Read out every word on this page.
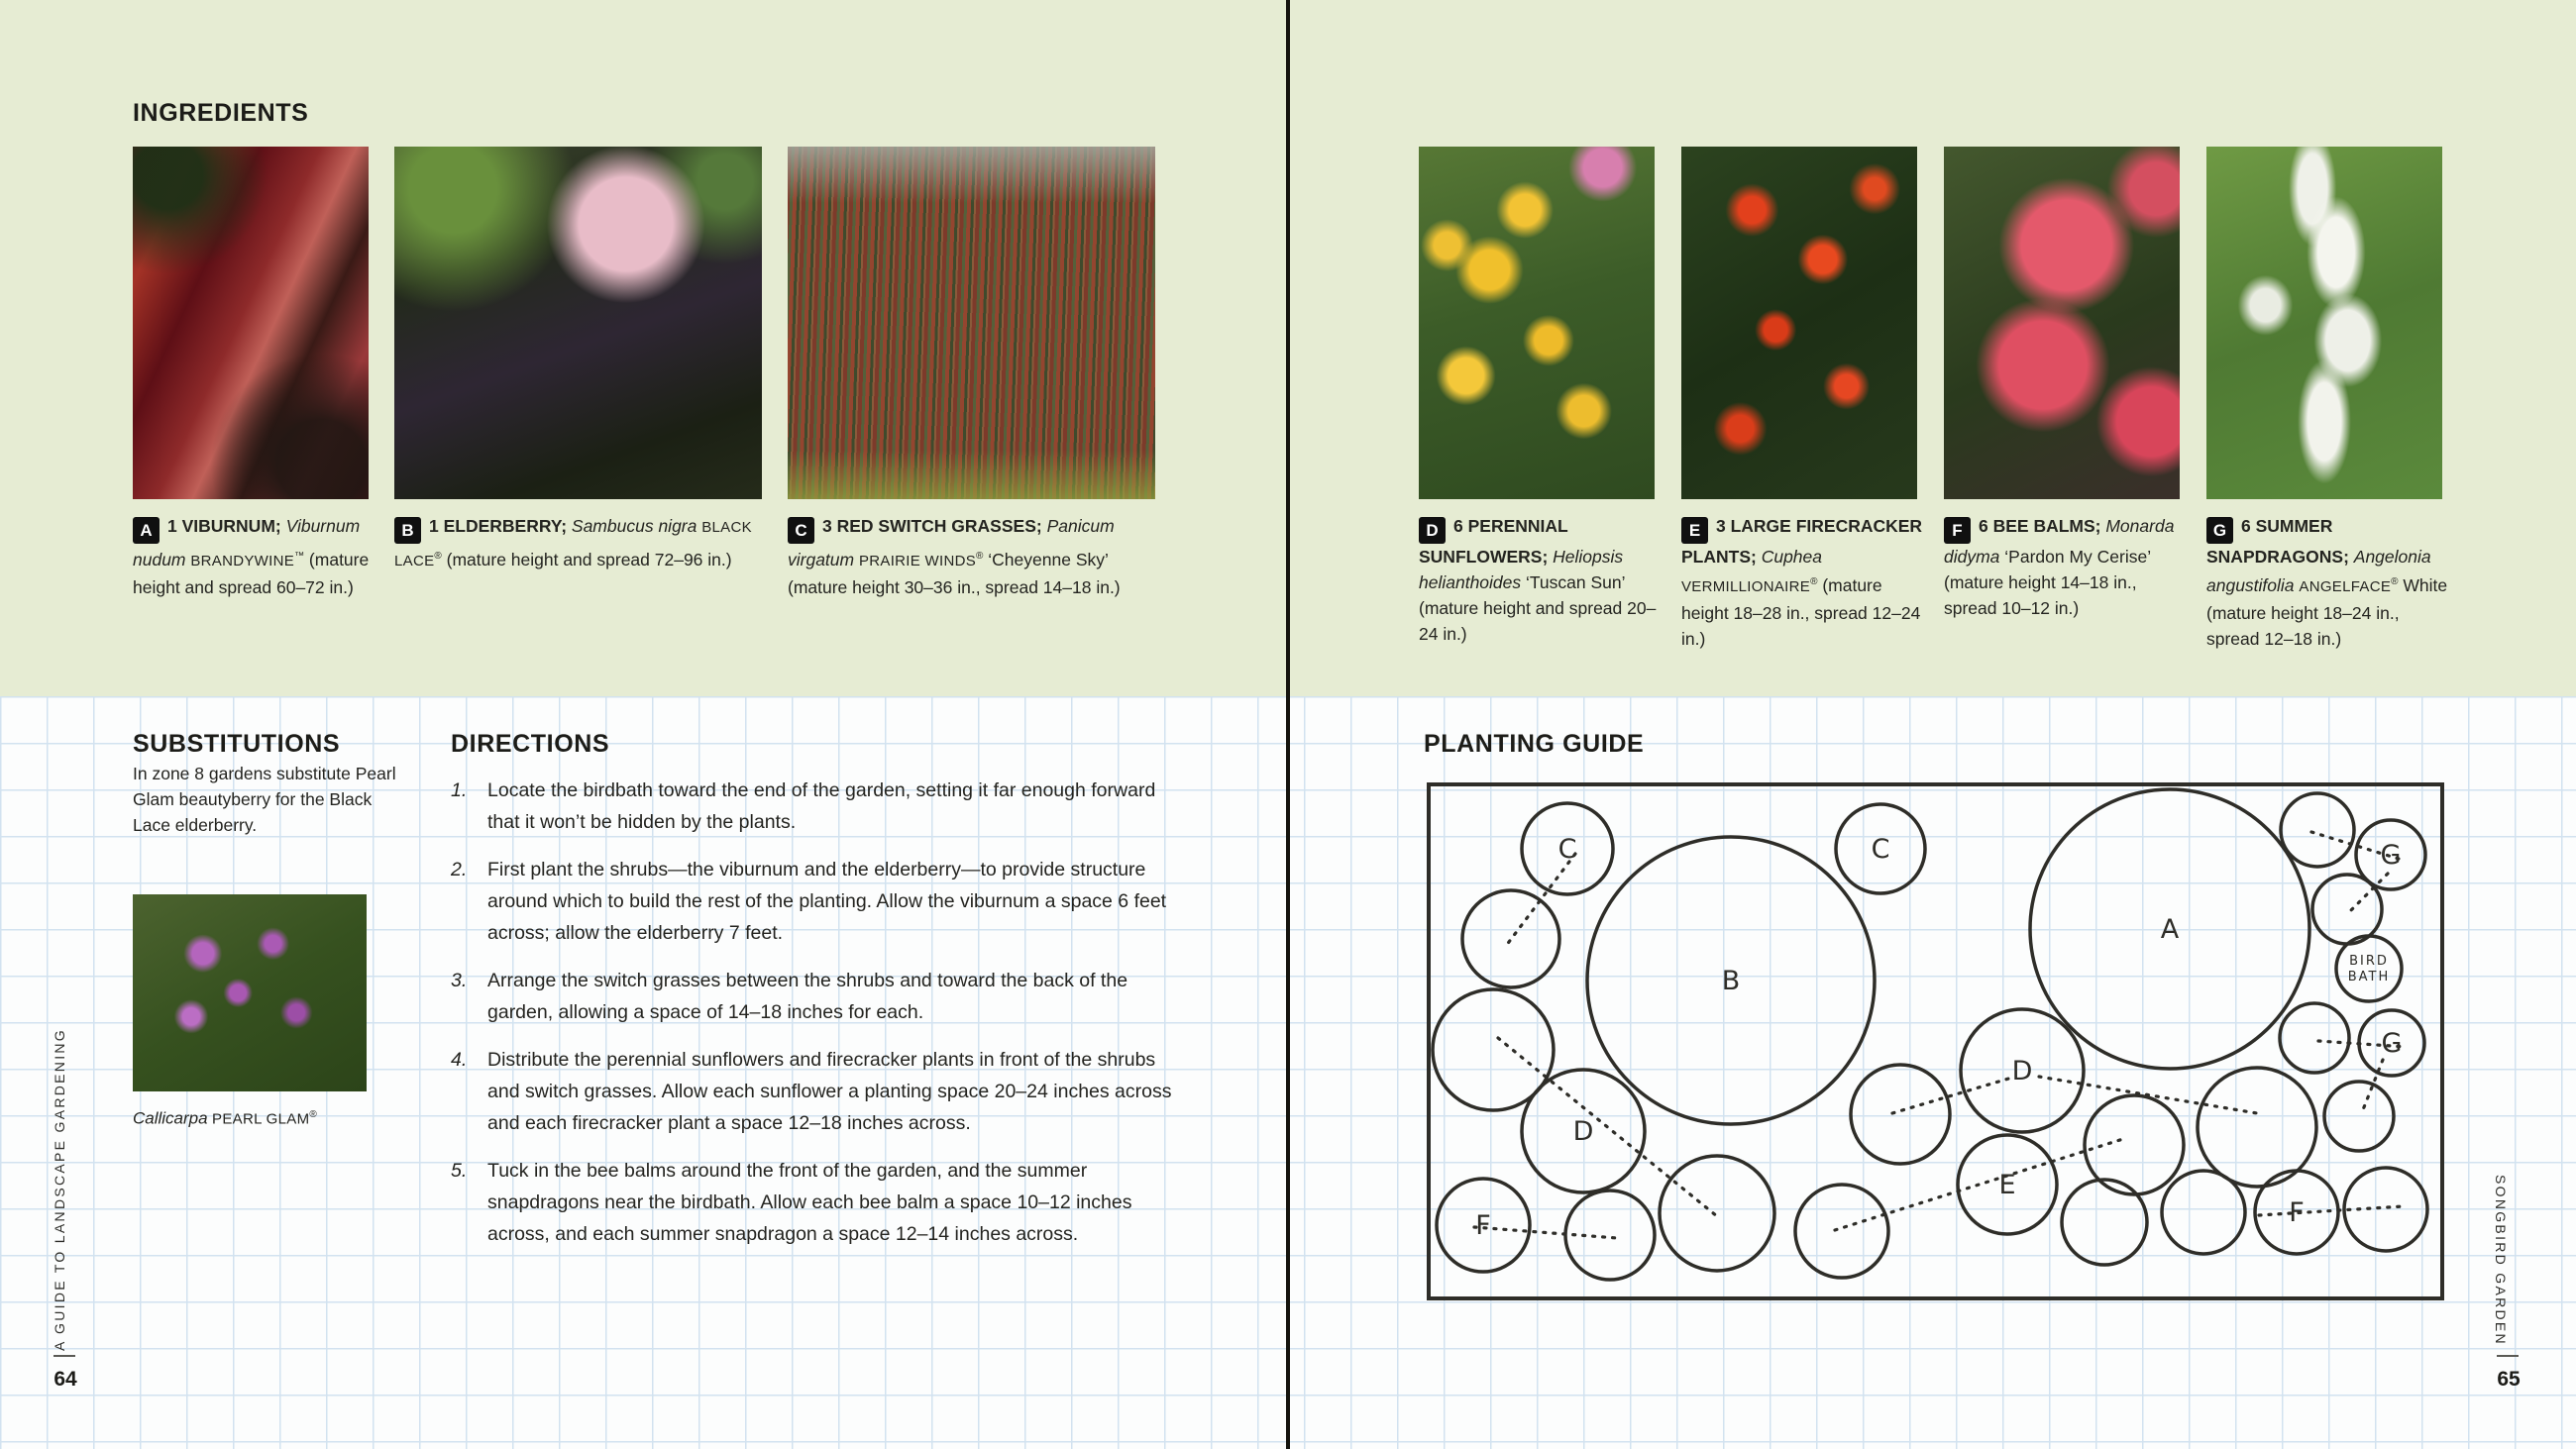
INGREDIENTS
A 1 VIBURNUM; Viburnum nudum BRANDYWINE™ (mature height and spread 60–72 in.)
B 1 ELDERBERRY; Sambucus nigra BLACK LACE® (mature height and spread 72–96 in.)
C 3 RED SWITCH GRASSES; Panicum virgatum PRAIRIE WINDS® ‘Cheyenne Sky’ (mature height 30–36 in., spread 14–18 in.)
D 6 PERENNIAL SUNFLOWERS; Heliopsis helianthoides ‘Tuscan Sun’ (mature height and spread 20–24 in.)
E 3 LARGE FIRECRACKER PLANTS; Cuphea VERMILLIONAIRE® (mature height 18–28 in., spread 12–24 in.)
F 6 BEE BALMS; Monarda didyma ‘Pardon My Cerise’ (mature height 14–18 in., spread 10–12 in.)
G 6 SUMMER SNAPDRAGONS; Angelonia angustifolia ANGELFACE® White (mature height 18–24 in., spread 12–18 in.)
SUBSTITUTIONS

In zone 8 gardens substitute Pearl Glam beautyberry for the Black Lace elderberry.

Callicarpa PEARL GLAM®

DIRECTIONS
1. Locate the birdbath toward the end of the garden, setting it far enough forward that it won’t be hidden by the plants.
2. First plant the shrubs—the viburnum and the elderberry—to provide structure around which to build the rest of the planting. Allow the viburnum a space 6 feet across; allow the elderberry 7 feet.
3. Arrange the switch grasses between the shrubs and toward the back of the garden, allowing a space of 14–18 inches for each.
4. Distribute the perennial sunflowers and firecracker plants in front of the shrubs and switch grasses. Allow each sunflower a planting space 20–24 inches across and each firecracker plant a space 12–18 inches across.
5. Tuck in the bee balms around the front of the garden, and the summer snapdragons near the birdbath. Allow each bee balm a space 10–12 inches across, and each summer snapdragon a space 12–14 inches across.
PLANTING GUIDE
C
B
C
D
F
A
G
BIRD BATH
G
D
E
F
A GUIDE TO LANDSCAPE GARDENING
64
SONGBIRD GARDEN
65
